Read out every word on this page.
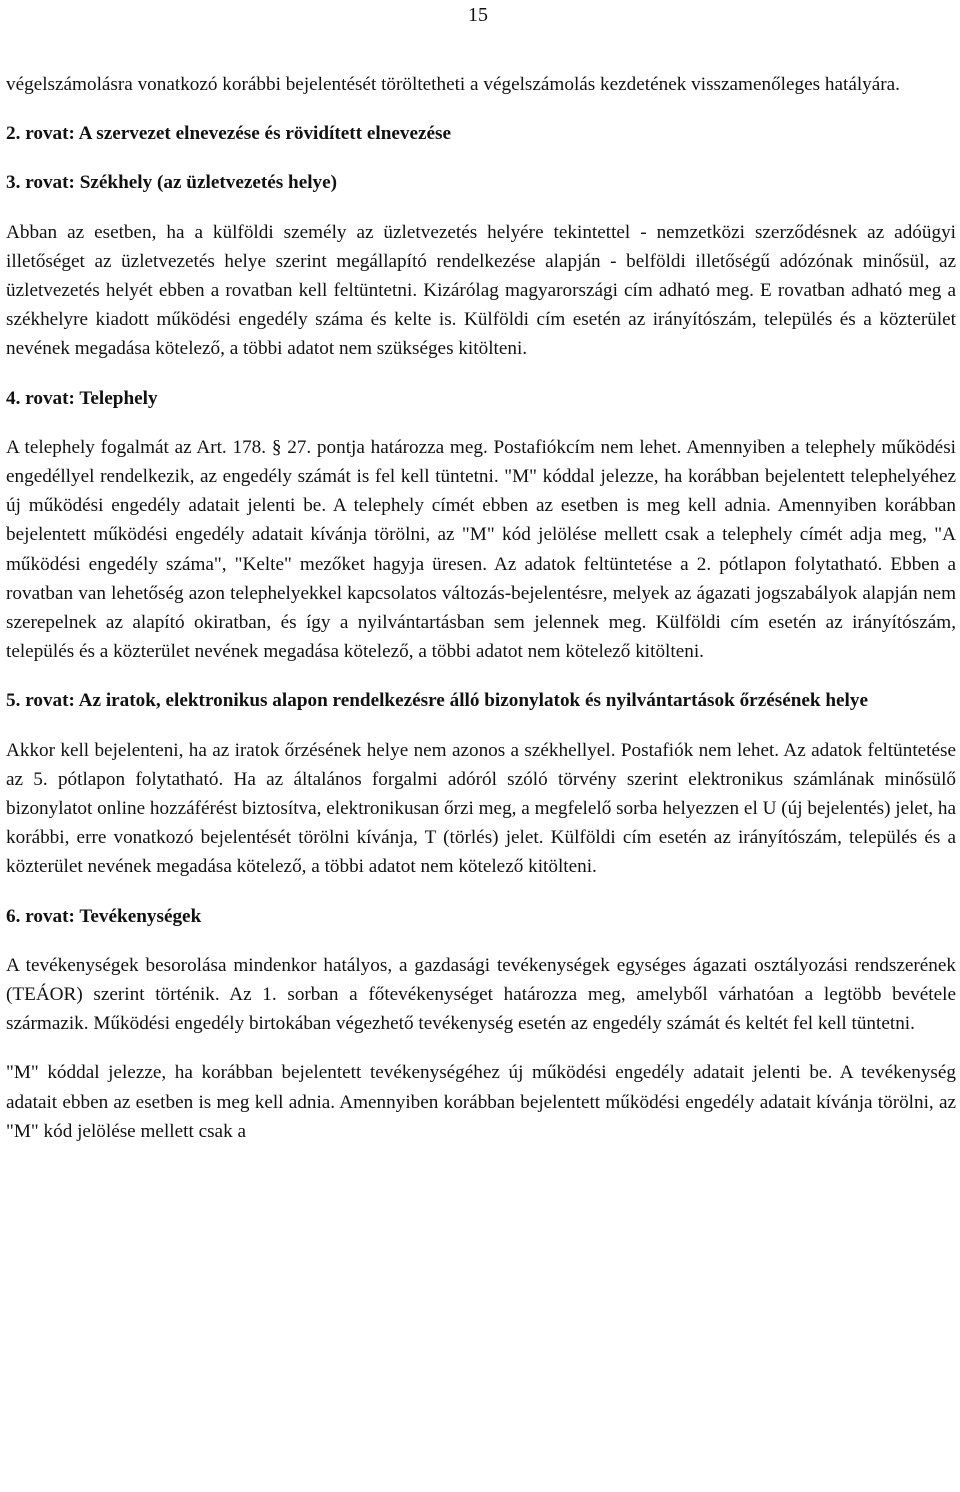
15

végelszámolásra vonatkozó korábbi bejelentését töröltetheti a végelszámolás kezdetének visszamenőleges hatályára.

2. rovat: A szervezet elnevezése és rövidített elnevezése

3. rovat: Székhely (az üzletvezetés helye)

Abban az esetben, ha a külföldi személy az üzletvezetés helyére tekintettel - nemzetközi szerződésnek az adóügyi illetőséget az üzletvezetés helye szerint megállapító rendelkezése alapján - belföldi illetőségű adózónak minősül, az üzletvezetés helyét ebben a rovatban kell feltüntetni. Kizárólag magyarországi cím adható meg. E rovatban adható meg a székhelyre kiadott működési engedély száma és kelte is. Külföldi cím esetén az irányítószám, település és a közterület nevének megadása kötelező, a többi adatot nem szükséges kitölteni.

4. rovat: Telephely

A telephely fogalmát az Art. 178. § 27. pontja határozza meg. Postafiókcím nem lehet. Amennyiben a telephely működési engedéllyel rendelkezik, az engedély számát is fel kell tüntetni. "M" kóddal jelezze, ha korábban bejelentett telephelyéhez új működési engedély adatait jelenti be. A telephely címét ebben az esetben is meg kell adnia. Amennyiben korábban bejelentett működési engedély adatait kívánja törölni, az "M" kód jelölése mellett csak a telephely címét adja meg, "A működési engedély száma", "Kelte" mezőket hagyja üresen. Az adatok feltüntetése a 2. pótlapon folytatható. Ebben a rovatban van lehetőség azon telephelyekkel kapcsolatos változás-bejelentésre, melyek az ágazati jogszabályok alapján nem szerepelnek az alapító okiratban, és így a nyilvántartásban sem jelennek meg. Külföldi cím esetén az irányítószám, település és a közterület nevének megadása kötelező, a többi adatot nem kötelező kitölteni.

5. rovat: Az iratok, elektronikus alapon rendelkezésre álló bizonylatok és nyilvántartások őrzésének helye

Akkor kell bejelenteni, ha az iratok őrzésének helye nem azonos a székhellyel. Postafiók nem lehet. Az adatok feltüntetése az 5. pótlapon folytatható. Ha az általános forgalmi adóról szóló törvény szerint elektronikus számlának minősülő bizonylatot online hozzáférést biztosítva, elektronikusan őrzi meg, a megfelelő sorba helyezzen el U (új bejelentés) jelet, ha korábbi, erre vonatkozó bejelentését törölni kívánja, T (törlés) jelet. Külföldi cím esetén az irányítószám, település és a közterület nevének megadása kötelező, a többi adatot nem kötelező kitölteni.

6. rovat: Tevékenységek

A tevékenységek besorolása mindenkor hatályos, a gazdasági tevékenységek egységes ágazati osztályozási rendszerének (TEÁOR) szerint történik. Az 1. sorban a főtevékenységet határozza meg, amelyből várhatóan a legtöbb bevétele származik. Működési engedély birtokában végezhető tevékenység esetén az engedély számát és keltét fel kell tüntetni.

"M" kóddal jelezze, ha korábban bejelentett tevékenységéhez új működési engedély adatait jelenti be. A tevékenység adatait ebben az esetben is meg kell adnia. Amennyiben korábban bejelentett működési engedély adatait kívánja törölni, az "M" kód jelölése mellett csak a
